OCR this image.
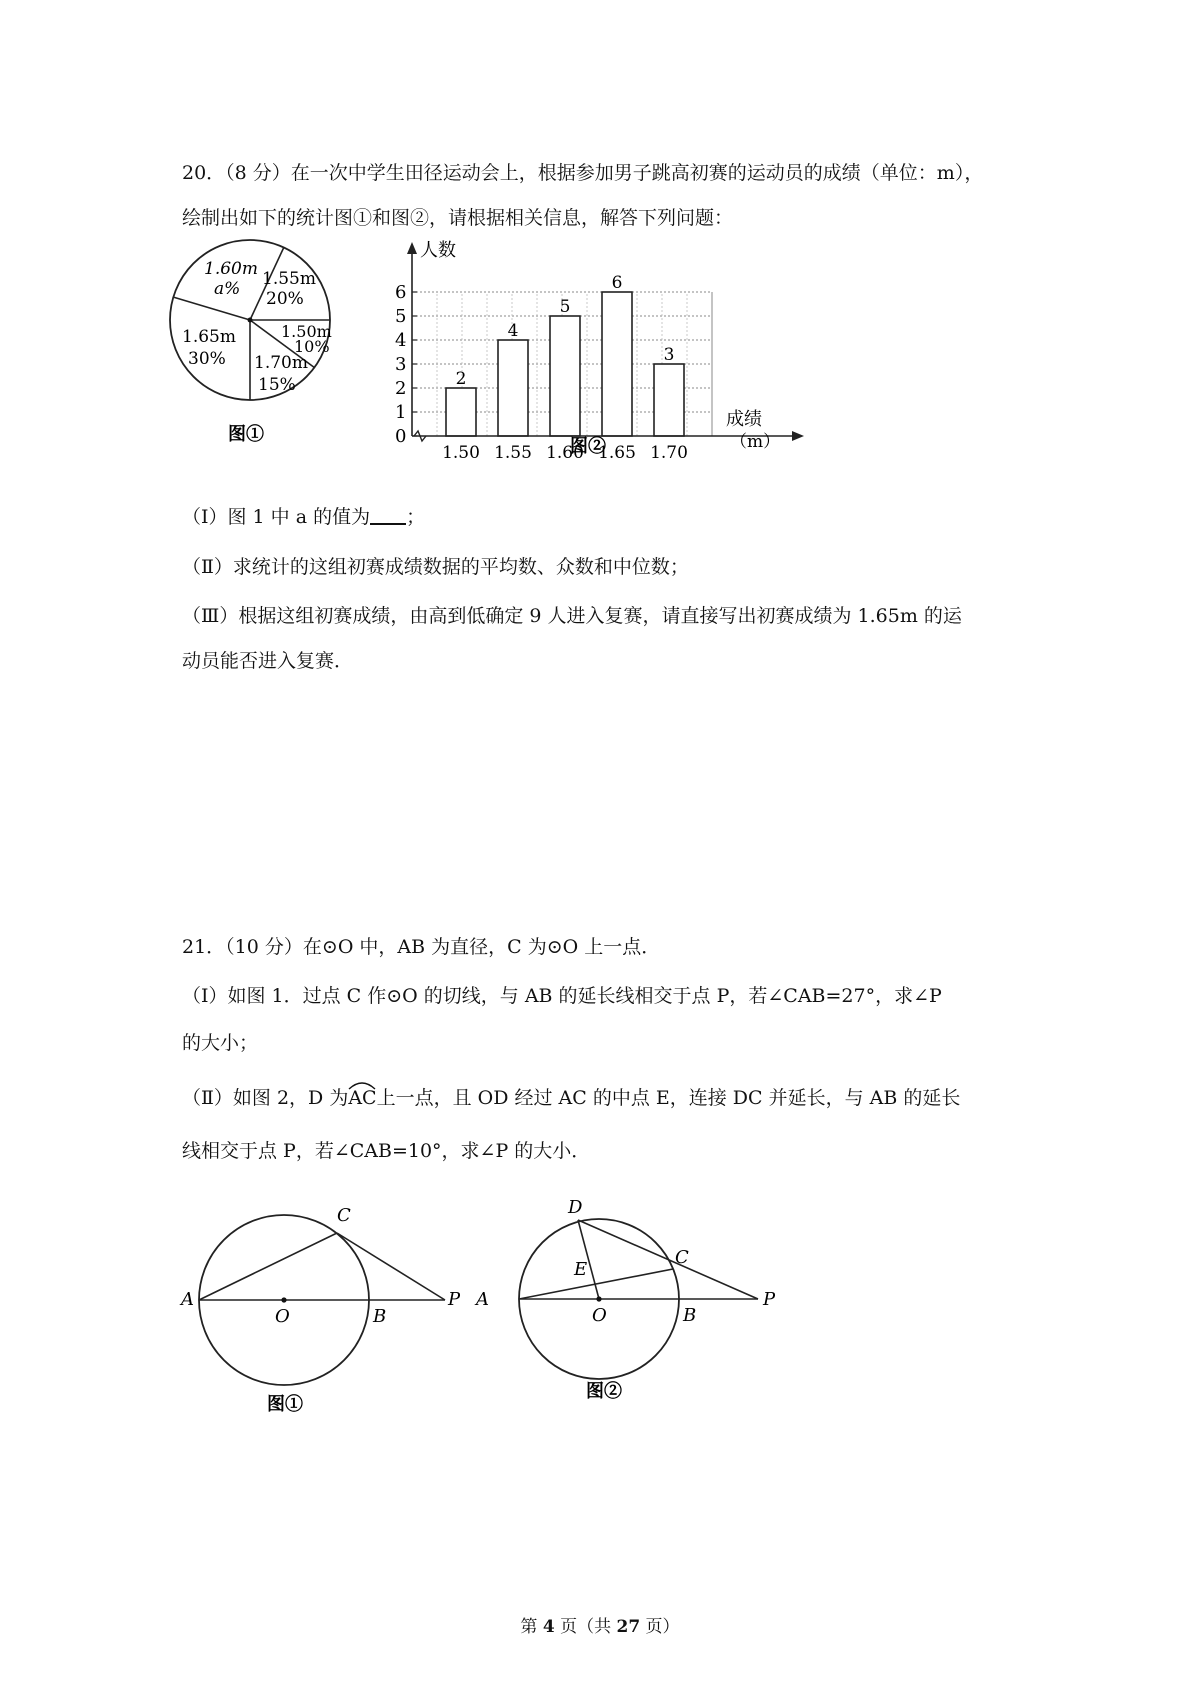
20．（8 分）在一次中学生田径运动会上，根据参加男子跳高初赛的运动员的成绩（单位：m），
绘制出如下的统计图①和图②，请根据相关信息，解答下列问题：
1.60m
a% 1.55m
20%
1.50m
10%
1.70m
15%
1.65m
30%
图①	0
1
2
3
4
5
6
2
4
5
6
3
1.50 1.55 1.60 1.65 1.70
人数
成绩
（m）
图②
（Ⅰ）图 1 中 a 的值为 ；
（Ⅱ）求统计的这组初赛成绩数据的平均数、众数和中位数；
（Ⅲ）根据这组初赛成绩，由高到低确定 9 人进入复赛，请直接写出初赛成绩为 1.65m 的运
动员能否进入复赛．
21．（10 分）在⊙O 中，AB 为直径，C 为⊙O 上一点．
（Ⅰ）如图 1．过点 C 作⊙O 的切线，与 AB 的延长线相交于点 P，若∠CAB=27°，求∠P
的大小；
（Ⅱ）如图 2，D 为
AC上一点，且 OD 经过 AC 的中点 E，连接 DC 并延长，与 AB 的延长
线相交于点 P，若∠CAB=10°，求∠P 的大小．
C
A
O	B
P
图①
D
E
C
A
O	B
P
图②
第 4 页（共 27 页）
